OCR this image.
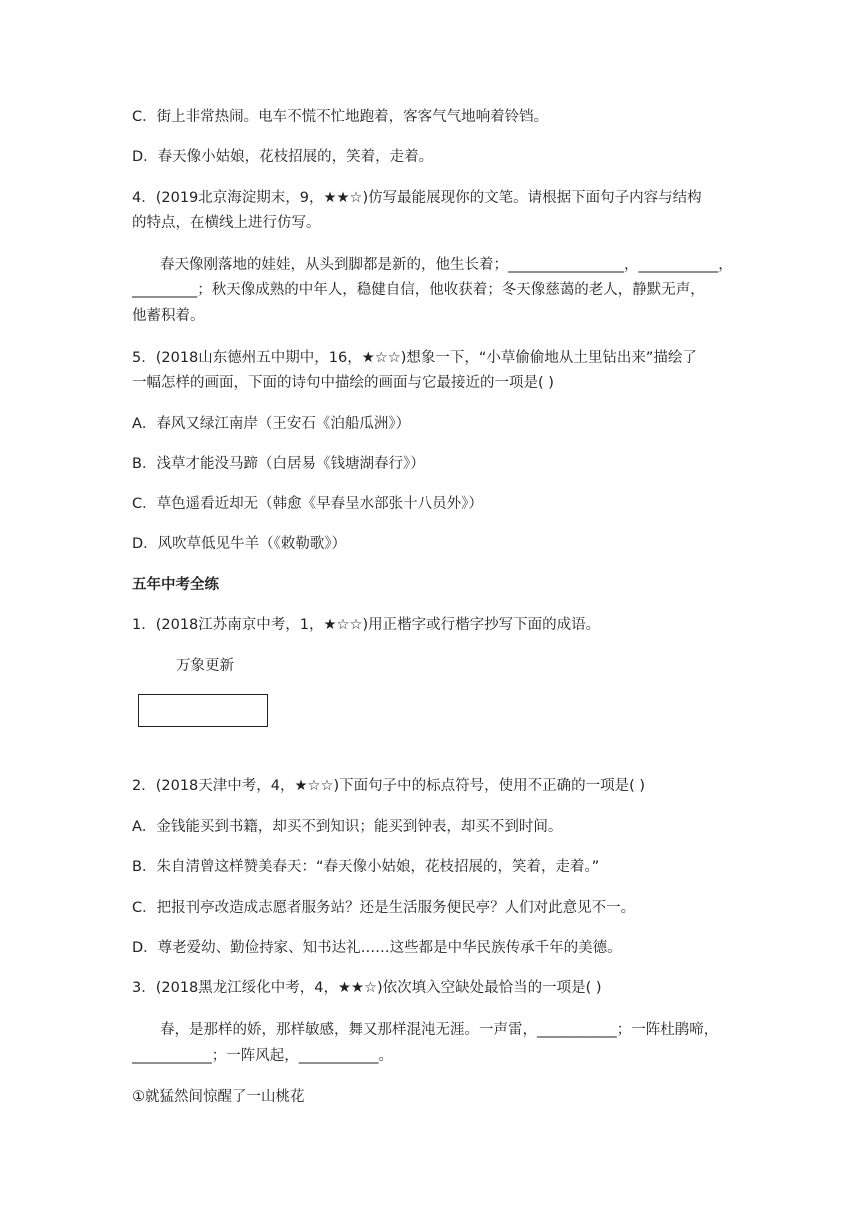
C．街上非常热闹。电车不慌不忙地跑着，客客气气地响着铃铛。
D．春天像小姑娘，花枝招展的，笑着，走着。
4．(2019北京海淀期末，9，★★☆)仿写最能展现你的文笔。请根据下面句子内容与结构
的特点，在横线上进行仿写。
春天像刚落地的娃娃，从头到脚都是新的，他生长着；________________，___________，
_________；秋天像成熟的中年人，稳健自信，他收获着；冬天像慈蔼的老人，静默无声，
他蓄积着。
5．(2018山东德州五中期中，16，★☆☆)想象一下，“小草偷偷地从土里钻出来”描绘了
一幅怎样的画面，下面的诗句中描绘的画面与它最接近的一项是( )
A．春风又绿江南岸（王安石《泊船瓜洲》）
B．浅草才能没马蹄（白居易《钱塘湖春行》）
C．草色遥看近却无（韩愈《早春呈水部张十八员外》）
D．风吹草低见牛羊（《敕勒歌》）
五年中考全练
1．(2018江苏南京中考，1，★☆☆)用正楷字或行楷字抄写下面的成语。
万象更新
2．(2018天津中考，4，★☆☆)下面句子中的标点符号，使用不正确的一项是( )
A．金钱能买到书籍，却买不到知识；能买到钟表，却买不到时间。
B．朱自清曾这样赞美春天：“春天像小姑娘，花枝招展的，笑着，走着。”
C．把报刊亭改造成志愿者服务站？还是生活服务便民亭？人们对此意见不一。
D．尊老爱幼、勤俭持家、知书达礼……这些都是中华民族传承千年的美德。
3．(2018黑龙江绥化中考，4，★★☆)依次填入空缺处最恰当的一项是( )
春，是那样的娇，那样敏感，舞又那样混沌无涯。一声雷，___________；一阵杜鹃啼，
___________；一阵风起，___________。
①就猛然间惊醒了一山桃花
